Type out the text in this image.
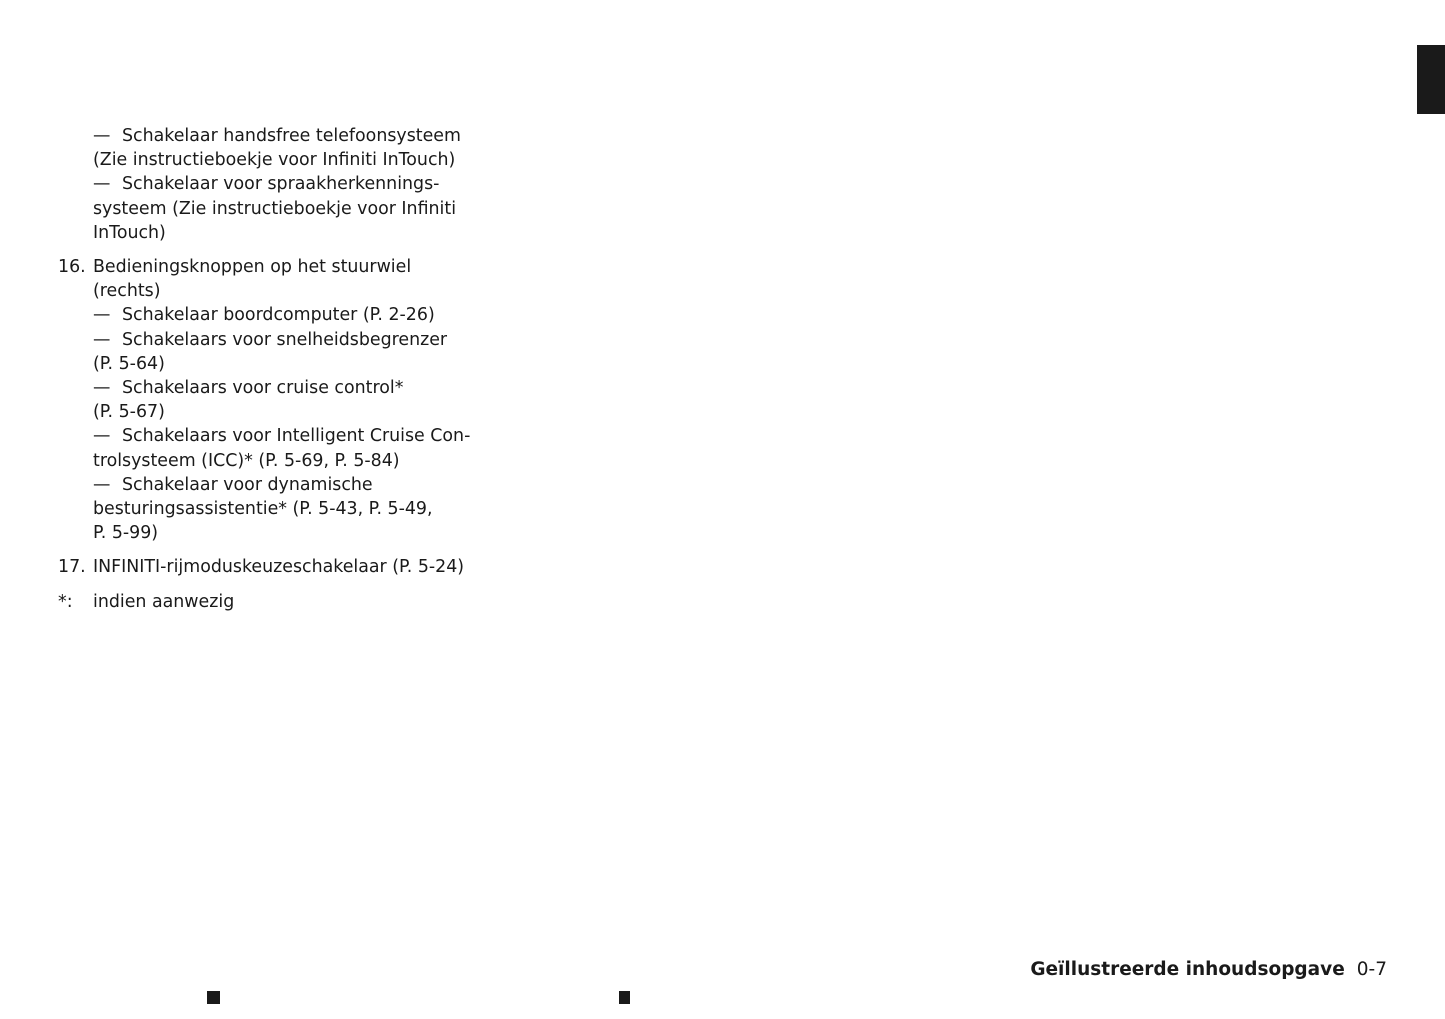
— Schakelaar handsfree telefoonsysteem
(Zie instructieboekje voor Infiniti InTouch)
— Schakelaar voor spraakherkennings-
systeem (Zie instructieboekje voor Infiniti
InTouch)
16. Bedieningsknoppen op het stuurwiel
(rechts)
— Schakelaar boordcomputer (P. 2-26)
— Schakelaars voor snelheidsbegrenzer
(P. 5-64)
— Schakelaars voor cruise control*
(P. 5-67)
— Schakelaars voor Intelligent Cruise Con-
trolsysteem (ICC)* (P. 5-69, P. 5-84)
— Schakelaar voor dynamische
besturingsassistentie* (P. 5-43, P. 5-49,
P. 5-99)
17. INFINITI-rijmoduskeuzeschakelaar (P. 5-24)
*: indien aanwezig
Geïllustreerde inhoudsopgave 0-7
